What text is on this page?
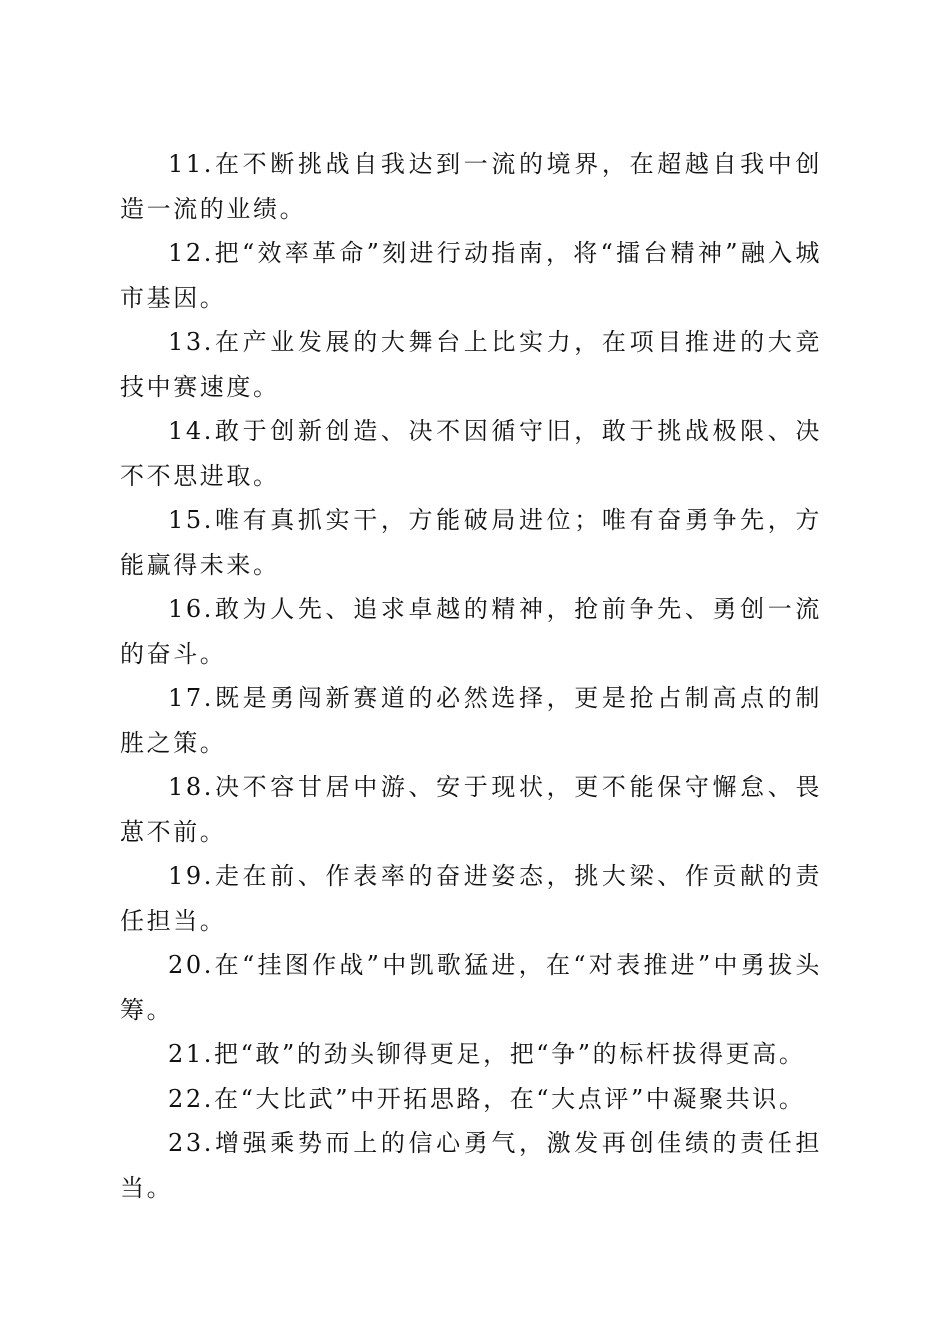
11.在不断挑战自我达到一流的境界，在超越自我中创造一流的业绩。

12.把“效率革命”刻进行动指南，将“擂台精神”融入城市基因。

13.在产业发展的大舞台上比实力，在项目推进的大竞技中赛速度。

14.敢于创新创造、决不因循守旧，敢于挑战极限、决不不思进取。

15.唯有真抓实干，方能破局进位；唯有奋勇争先，方能赢得未来。

16.敢为人先、追求卓越的精神，抢前争先、勇创一流的奋斗。

17.既是勇闯新赛道的必然选择，更是抢占制高点的制胜之策。

18.决不容甘居中游、安于现状，更不能保守懈怠、畏葸不前。

19.走在前、作表率的奋进姿态，挑大梁、作贡献的责任担当。

20.在“挂图作战”中凯歌猛进，在“对表推进”中勇拔头筹。

21.把“敢”的劲头铆得更足，把“争”的标杆拔得更高。

22.在“大比武”中开拓思路，在“大点评”中凝聚共识。

23.增强乘势而上的信心勇气，激发再创佳绩的责任担当。
